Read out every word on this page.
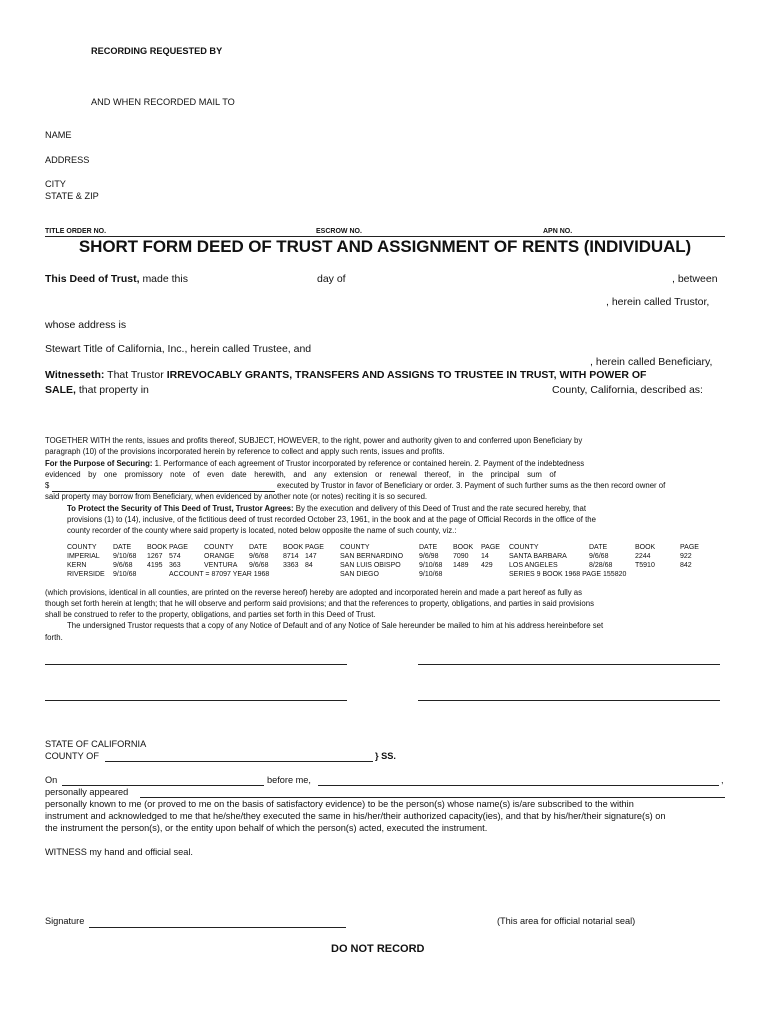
RECORDING REQUESTED BY
AND WHEN RECORDED MAIL TO
NAME
ADDRESS
CITY
STATE & ZIP
TITLE ORDER NO.	ESCROW NO.	APN NO.
SHORT FORM DEED OF TRUST AND ASSIGNMENT OF RENTS (INDIVIDUAL)
This Deed of Trust, made this	day of	, between
, herein called Trustor,
whose address is
Stewart Title of California, Inc., herein called Trustee, and
, herein called Beneficiary,
Witnesseth: That Trustor IRREVOCABLY GRANTS, TRANSFERS AND ASSIGNS TO TRUSTEE IN TRUST, WITH POWER OF
SALE, that property in	County, California, described as:
TOGETHER WITH the rents, issues and profits thereof, SUBJECT, HOWEVER, to the right, power and authority given to and conferred upon Beneficiary by
paragraph (10) of the provisions incorporated herein by reference to collect and apply such rents, issues and profits.
For the Purpose of Securing: 1. Performance of each agreement of Trustor incorporated by reference or contained herein. 2. Payment of the indebtedness
evidenced by one promissory note of even date herewith, and any extension or renewal thereof, in the principal sum of
$	executed by Trustor in favor of Beneficiary or order. 3. Payment of such further sums as the then record owner of
said property may borrow from Beneficiary, when evidenced by another note (or notes) reciting it is so secured.
To Protect the Security of This Deed of Trust, Trustor Agrees: By the execution and delivery of this Deed of Trust and the rate secured hereby, that
provisions (1) to (14), inclusive, of the fictitious deed of trust recorded October 23, 1961, in the book and at the page of Official Records in the office of the
county recorder of the county where said property is located, noted below opposite the name of such county, viz.:
COUNTY DATE BOOK PAGE COUNTY DATE BOOK PAGE COUNTY	DATE BOOK PAGE COUNTY	DATE	BOOK	PAGE
IMPERIAL 9/10/68 1267 574	ORANGE 9/6/68 8714 147	SAN BERNARDINO 9/6/98 7090 14	SANTA BARBARA	9/6/68	2244	922
KERN	9/6/68 4195 363	VENTURA 9/6/68 3363 84	SAN LUIS OBISPO	9/10/68 1489 429 LOS ANGELES	8/28/68	T5910	842
RIVERSIDE 9/10/68	ACCOUNT = 87097 YEAR 1968	SAN DIEGO	9/10/68	SERIES 9 BOOK 1968 PAGE 155820
(which provisions, identical in all counties, are printed on the reverse hereof) hereby are adopted and incorporated herein and made a part hereof as fully as
though set forth herein at length; that he will observe and perform said provisions; and that the references to property, obligations, and parties in said provisions
shall be construed to refer to the property, obligations, and parties set forth in this Deed of Trust.
The undersigned Trustor requests that a copy of any Notice of Default and of any Notice of Sale hereunder be mailed to him at his address hereinbefore set
forth.
STATE OF CALIFORNIA
COUNTY OF	} SS.
On	before me,	,
personally appeared
personally known to me (or proved to me on the basis of satisfactory evidence) to be the person(s) whose name(s) is/are subscribed to the within
instrument and acknowledged to me that he/she/they executed the same in his/her/their authorized capacity(ies), and that by his/her/their signature(s) on
the instrument the person(s), or the entity upon behalf of which the person(s) acted, executed the instrument.
WITNESS my hand and official seal.
Signature	(This area for official notarial seal)
DO NOT RECORD
